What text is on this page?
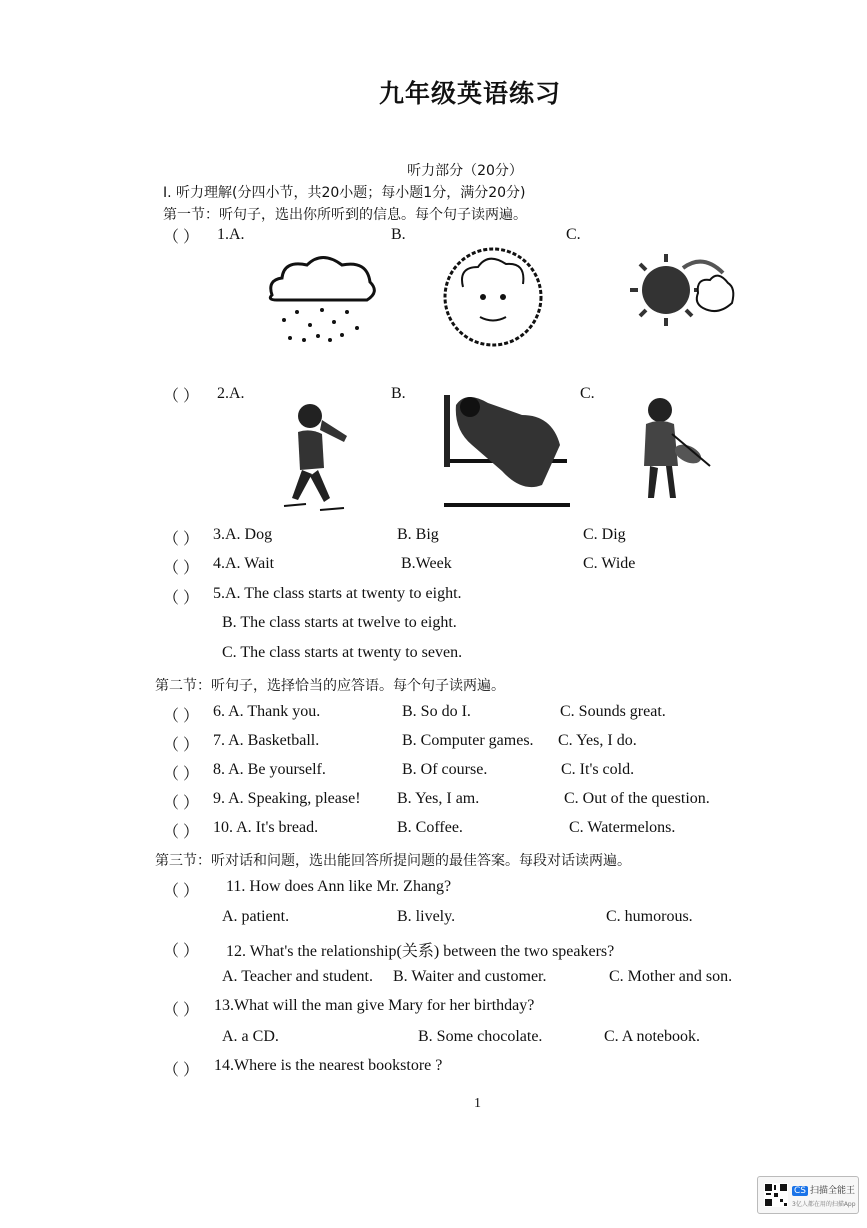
九年级英语练习
听力部分（20分）
I. 听力理解(分四小节，共20小题；每小题1分，满分20分)
第一节：听句子，选出你所听到的信息。每个句子读两遍。
（ ） 1.A.	B.	C.
（ ） 2.A.	B.	C.
（ ） 3.A. Dog	B. Big	C. Dig
（ ） 4.A. Wait	B.Week	C. Wide
（ ） 5.A. The class starts at twenty to eight.
B. The class starts at twelve to eight.
C. The class starts at twenty to seven.
第二节：听句子，选择恰当的应答语。每个句子读两遍。
（ ） 6. A. Thank you.	B. So do I.	C. Sounds great.
（ ） 7. A. Basketball.	B. Computer games. C. Yes, I do.
（ ） 8. A. Be yourself.	B. Of course.	C. It's cold.
（ ） 9. A. Speaking, please! B. Yes, I am.	C. Out of the question.
（ ） 10. A. It's bread.	B. Coffee.	C. Watermelons.
第三节：听对话和问题，选出能回答所提问题的最佳答案。每段对话读两遍。
（ ） 11. How does Ann like Mr. Zhang?
A. patient.	B. lively.	C. humorous.
（ ） 12. What's the relationship(关系) between the two speakers?
A. Teacher and student. B. Waiter and customer.	C. Mother and son.
（ ） 13.What will the man give Mary for her birthday?
A. a CD.	B. Some chocolate.	C. A notebook.
（ ） 14.Where is the nearest bookstore ?
1
CS 扫描全能王
3亿人都在用的扫描App
